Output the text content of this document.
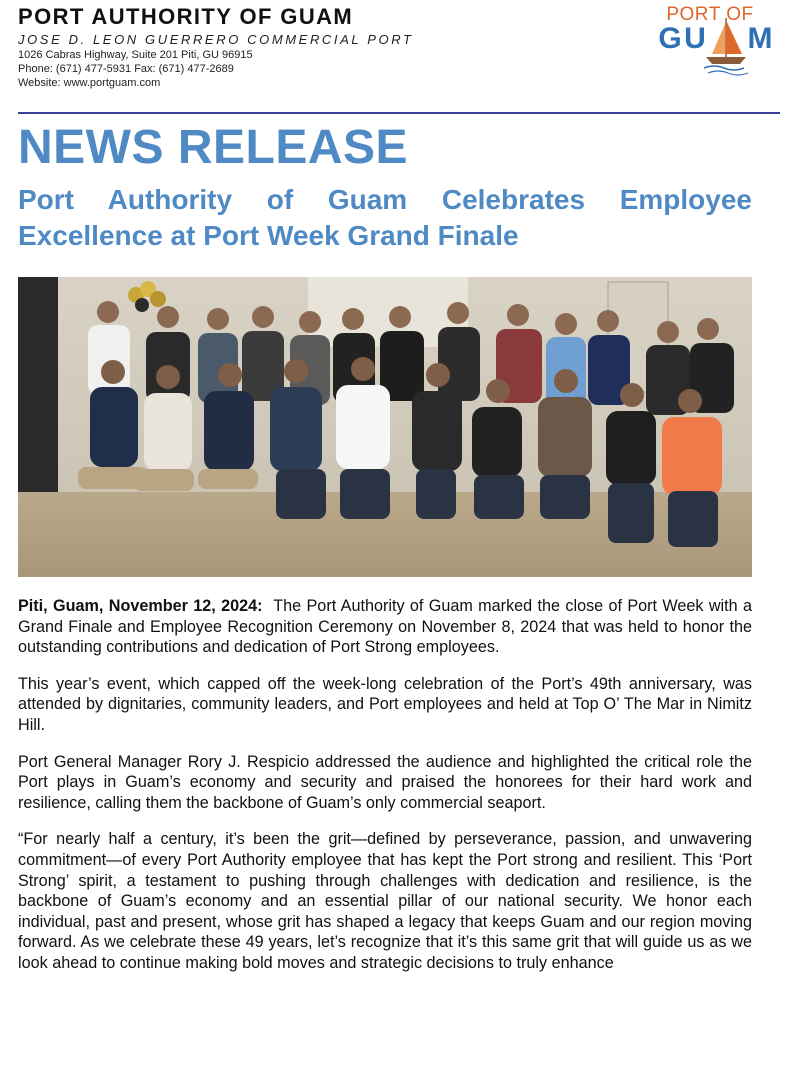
PORT AUTHORITY OF GUAM
JOSE D. LEON GUERRERO COMMERCIAL PORT
1026 Cabras Highway, Suite 201 Piti, GU 96915
Phone: (671) 477-5931 Fax: (671) 477-2689
Website: www.portguam.com
PORT OF
G U M
NEWS RELEASE
Port Authority of Guam Celebrates Employee Excellence at Port Week Grand Finale

Piti, Guam, November 12, 2024: The Port Authority of Guam marked the close of Port Week with a Grand Finale and Employee Recognition Ceremony on November 8, 2024 that was held to honor the outstanding contributions and dedication of Port Strong employees.

This year’s event, which capped off the week-long celebration of the Port’s 49th anniversary, was attended by dignitaries, community leaders, and Port employees and held at Top O’ The Mar in Nimitz Hill.

Port General Manager Rory J. Respicio addressed the audience and highlighted the critical role the Port plays in Guam’s economy and security and praised the honorees for their hard work and resilience, calling them the backbone of Guam’s only commercial seaport.

“For nearly half a century, it’s been the grit—defined by perseverance, passion, and unwavering commitment—of every Port Authority employee that has kept the Port strong and resilient. This ‘Port Strong’ spirit, a testament to pushing through challenges with dedication and resilience, is the backbone of Guam’s economy and an essential pillar of our national security. We honor each individual, past and present, whose grit has shaped a legacy that keeps Guam and our region moving forward. As we celebrate these 49 years, let’s recognize that it’s this same grit that will guide us as we look ahead to continue making bold moves and strategic decisions to truly enhance
